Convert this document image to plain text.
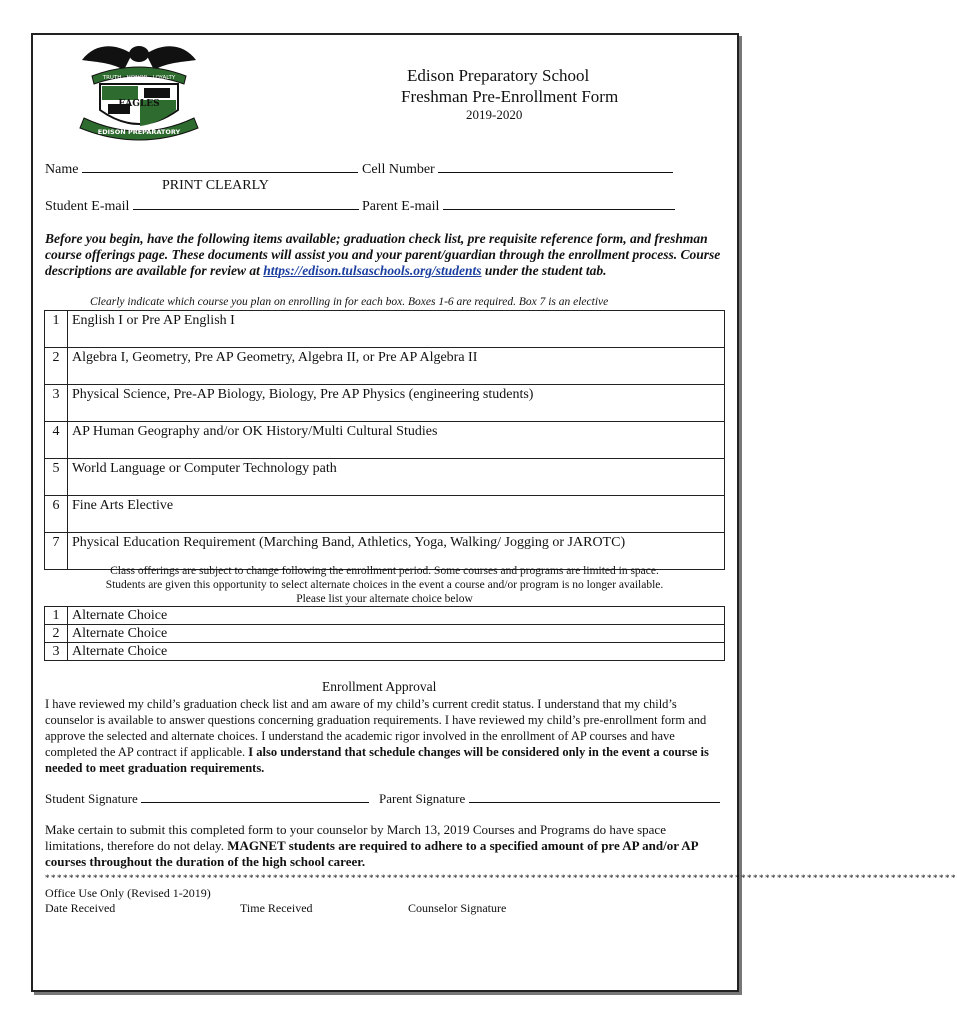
TRUTH · HONOR · LOYALTY
EAGLES
EDISON PREPARATORY
Edison Preparatory School
Freshman Pre-Enrollment Form
2019-2020
Name	Cell Number
PRINT CLEARLY
Student E-mail	Parent E-mail
Before you begin, have the following items available; graduation check list, pre requisite reference form, and freshman course offerings page. These documents will assist you and your parent/guardian through the enrollment process. Course descriptions are available for review at https://edison.tulsaschools.org/students under the student tab.
Clearly indicate which course you plan on enrolling in for each box. Boxes 1-6 are required. Box 7 is an elective
1	English I or Pre AP English I
2	Algebra I, Geometry, Pre AP Geometry, Algebra II, or Pre AP Algebra II
3	Physical Science, Pre-AP Biology, Biology, Pre AP Physics (engineering students)
4	AP Human Geography and/or OK History/Multi Cultural Studies
5	World Language or Computer Technology path
6	Fine Arts Elective
7	Physical Education Requirement (Marching Band, Athletics, Yoga, Walking/ Jogging or JAROTC)
Class offerings are subject to change following the enrollment period. Some courses and programs are limited in space.
Students are given this opportunity to select alternate choices in the event a course and/or program is no longer available.
Please list your alternate choice below
1	Alternate Choice
2	Alternate Choice
3	Alternate Choice
Enrollment Approval
I have reviewed my child’s graduation check list and am aware of my child’s current credit status. I understand that my child’s counselor is available to answer questions concerning graduation requirements. I have reviewed my child’s pre-enrollment form and approve the selected and alternate choices. I understand the academic rigor involved in the enrollment of AP courses and have completed the AP contract if applicable. I also understand that schedule changes will be considered only in the event a course is needed to meet graduation requirements.
Student Signature	Parent Signature
Make certain to submit this completed form to your counselor by March 13, 2019 Courses and Programs do have space limitations, therefore do not delay. MAGNET students are required to adhere to a specified amount of pre AP and/or AP courses throughout the duration of the high school career.
********************************************************************************************************************************************************
Office Use Only (Revised 1-2019)
Date Received	Time Received	Counselor Signature
